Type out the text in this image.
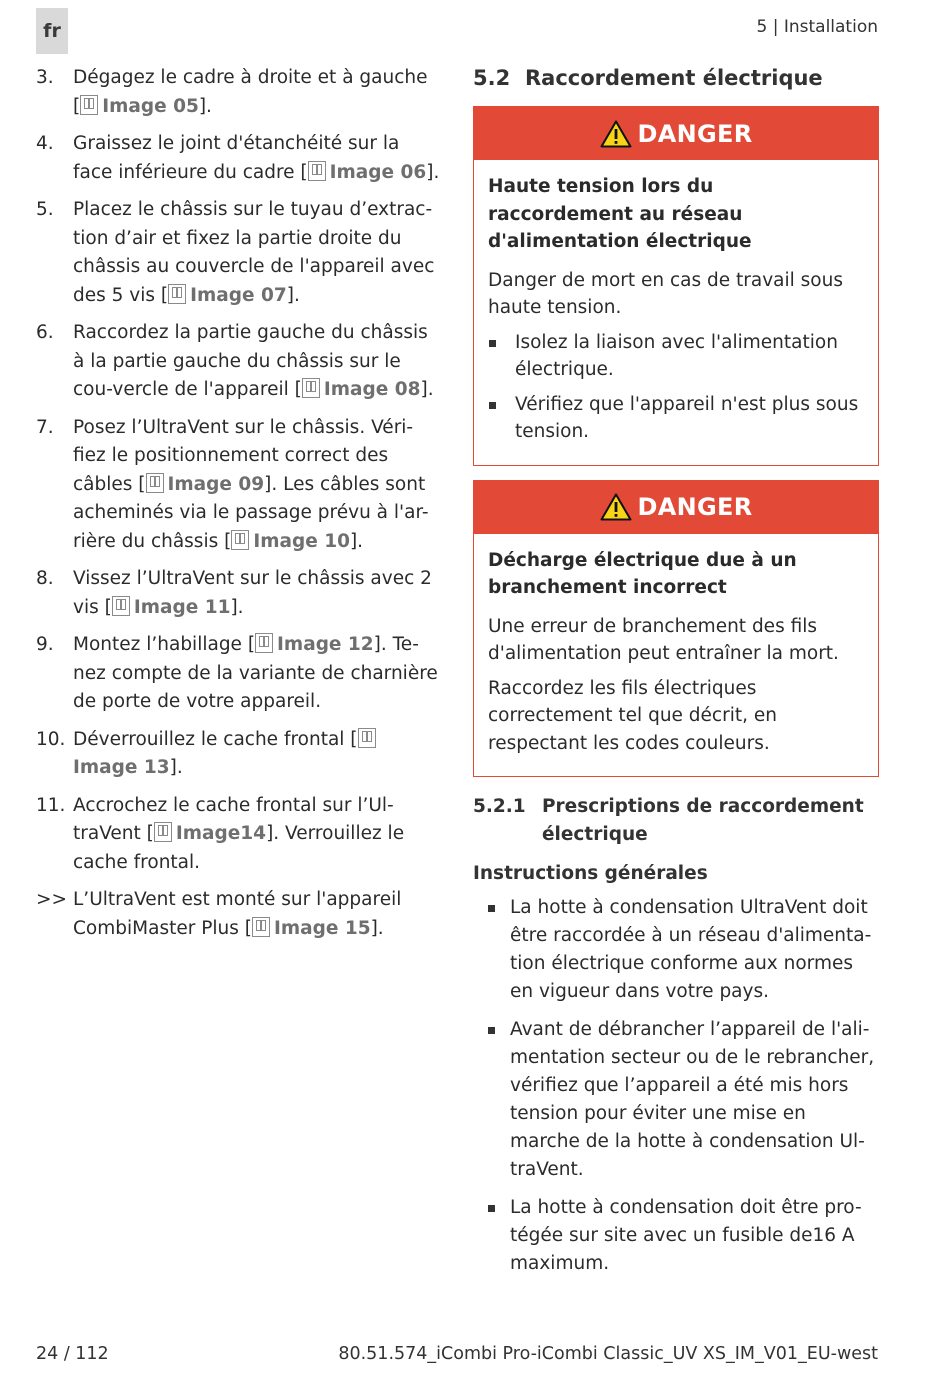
fr	5 | Installation
3.	Dégagez le cadre à droite et à gauche [ Image 05].
4.	Graissez le joint d'étanchéité sur la face inférieure du cadre [ Image 06].
5.	Placez le châssis sur le tuyau d’extrac-tion d’air et fixez la partie droite du châssis au couvercle de l'appareil avec des 5 vis [ Image 07].
6.	Raccordez la partie gauche du châssis à la partie gauche du châssis sur le cou-vercle de l'appareil [ Image 08].
7.	Posez l’UltraVent sur le châssis. Véri-fiez le positionnement correct des câbles [ Image 09]. Les câbles sont acheminés via le passage prévu à l'ar-rière du châssis [ Image 10].
8.	Vissez l’UltraVent sur le châssis avec 2 vis [ Image 11].
9.	Montez l’habillage [ Image 12]. Te-nez compte de la variante de charnière de porte de votre appareil.
10. Déverrouillez le cache frontal [Image 13].
11. Accrochez le cache frontal sur l’Ul-traVent [ Image14]. Verrouillez le cache frontal.
>> L’UltraVent est monté sur l'appareil CombiMaster Plus [ Image 15].
5.2 Raccordement électrique
DANGER
Haute tension lors du raccordement au réseau d'alimentation électrique
Danger de mort en cas de travail sous haute tension.
Isolez la liaison avec l'alimentation électrique.
Vérifiez que l'appareil n'est plus sous tension.
DANGER
Décharge électrique due à un branchement incorrect
Une erreur de branchement des fils d'alimentation peut entraîner la mort.
Raccordez les fils électriques correctement tel que décrit, en respectant les codes couleurs.
5.2.1 Prescriptions de raccordement électrique
Instructions générales
La hotte à condensation UltraVent doit être raccordée à un réseau d'alimenta-tion électrique conforme aux normes en vigueur dans votre pays.
Avant de débrancher l’appareil de l'ali-mentation secteur ou de le rebrancher, vérifiez que l’appareil a été mis hors tension pour éviter une mise en marche de la hotte à condensation Ul-traVent.
La hotte à condensation doit être pro-tégée sur site avec un fusible de16 A maximum.
24 / 112	80.51.574_iCombi Pro-iCombi Classic_UV XS_IM_V01_EU-west
